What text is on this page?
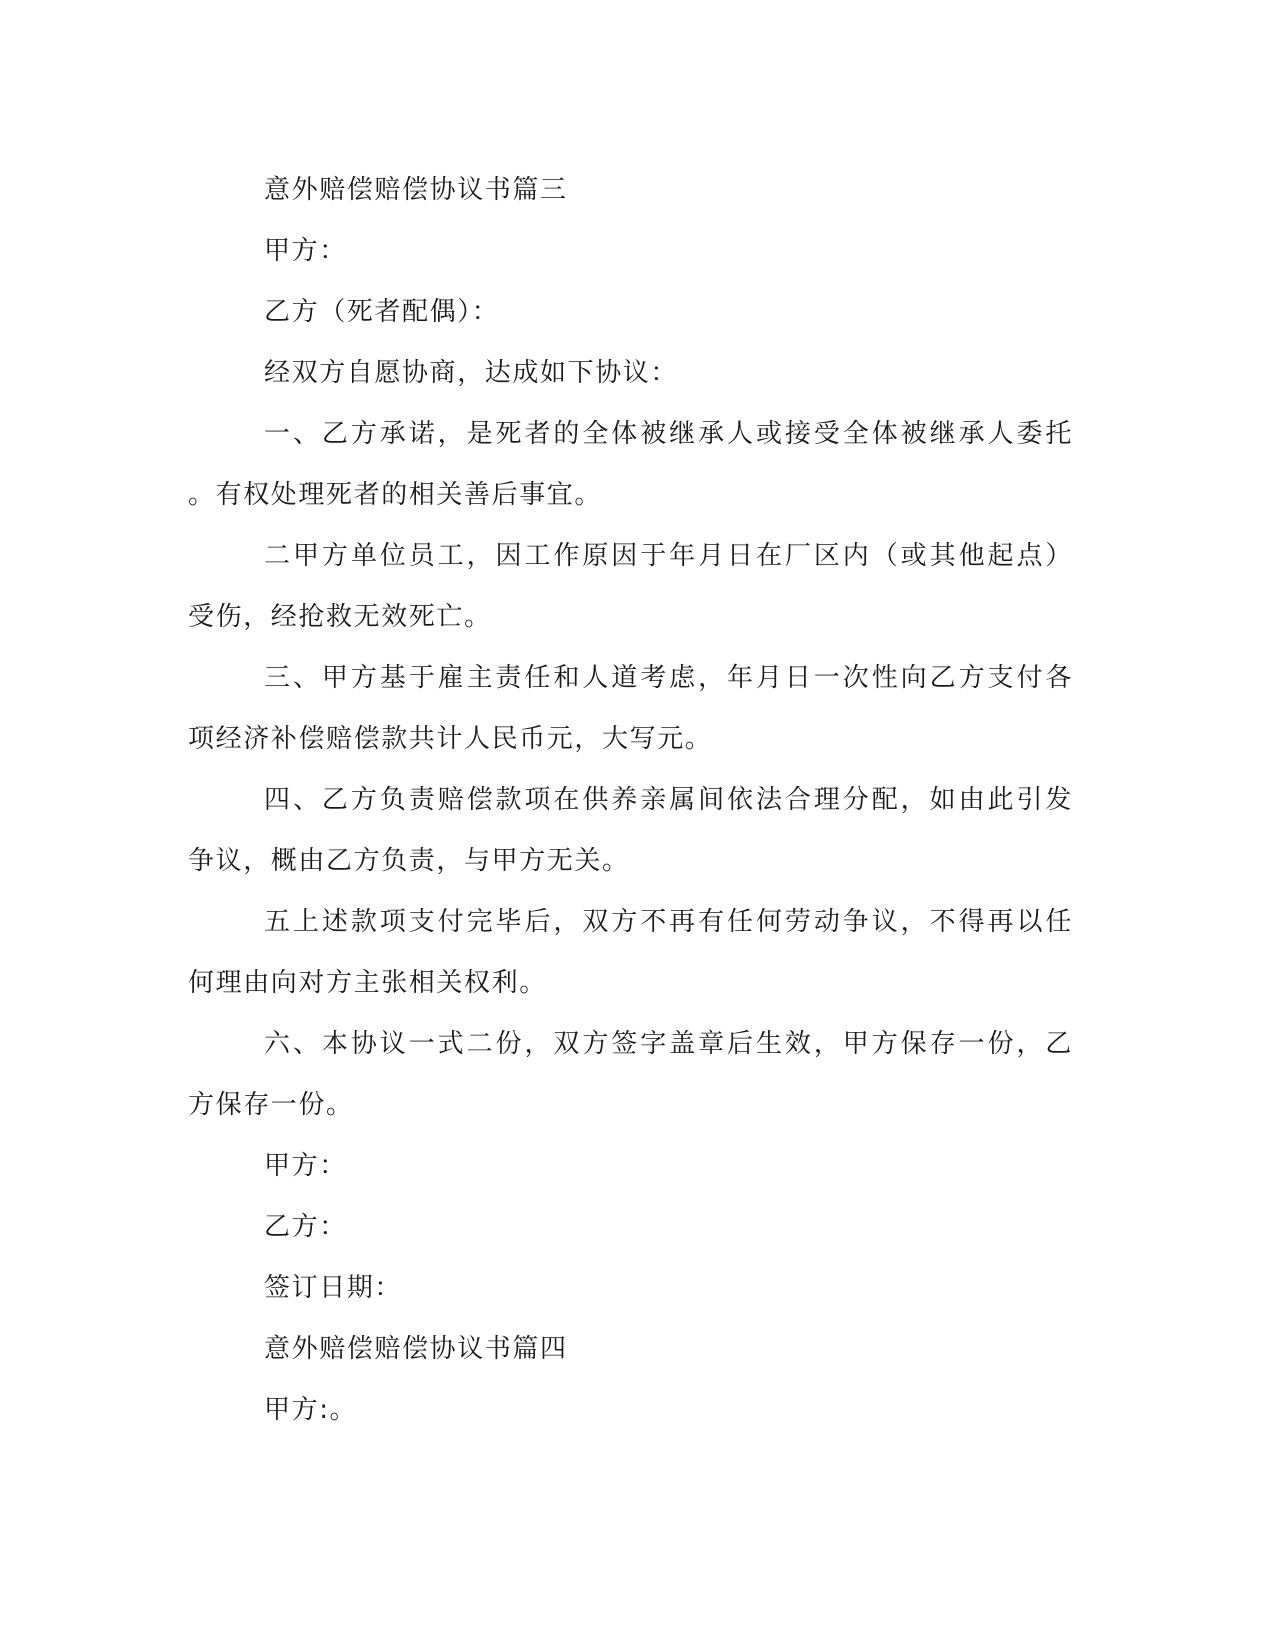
意外赔偿赔偿协议书篇三
甲方：
乙方（死者配偶）：
经双方自愿协商，达成如下协议：
一、乙方承诺，是死者的全体被继承人或接受全体被继承人委托
。有权处理死者的相关善后事宜。
二甲方单位员工，因工作原因于年月日在厂区内（或其他起点）
受伤，经抢救无效死亡。
三、甲方基于雇主责任和人道考虑，年月日一次性向乙方支付各
项经济补偿赔偿款共计人民币元，大写元。
四、乙方负责赔偿款项在供养亲属间依法合理分配，如由此引发
争议，概由乙方负责，与甲方无关。
五上述款项支付完毕后，双方不再有任何劳动争议，不得再以任
何理由向对方主张相关权利。
六、本协议一式二份，双方签字盖章后生效，甲方保存一份，乙
方保存一份。
甲方：
乙方：
签订日期：
意外赔偿赔偿协议书篇四
甲方:。
